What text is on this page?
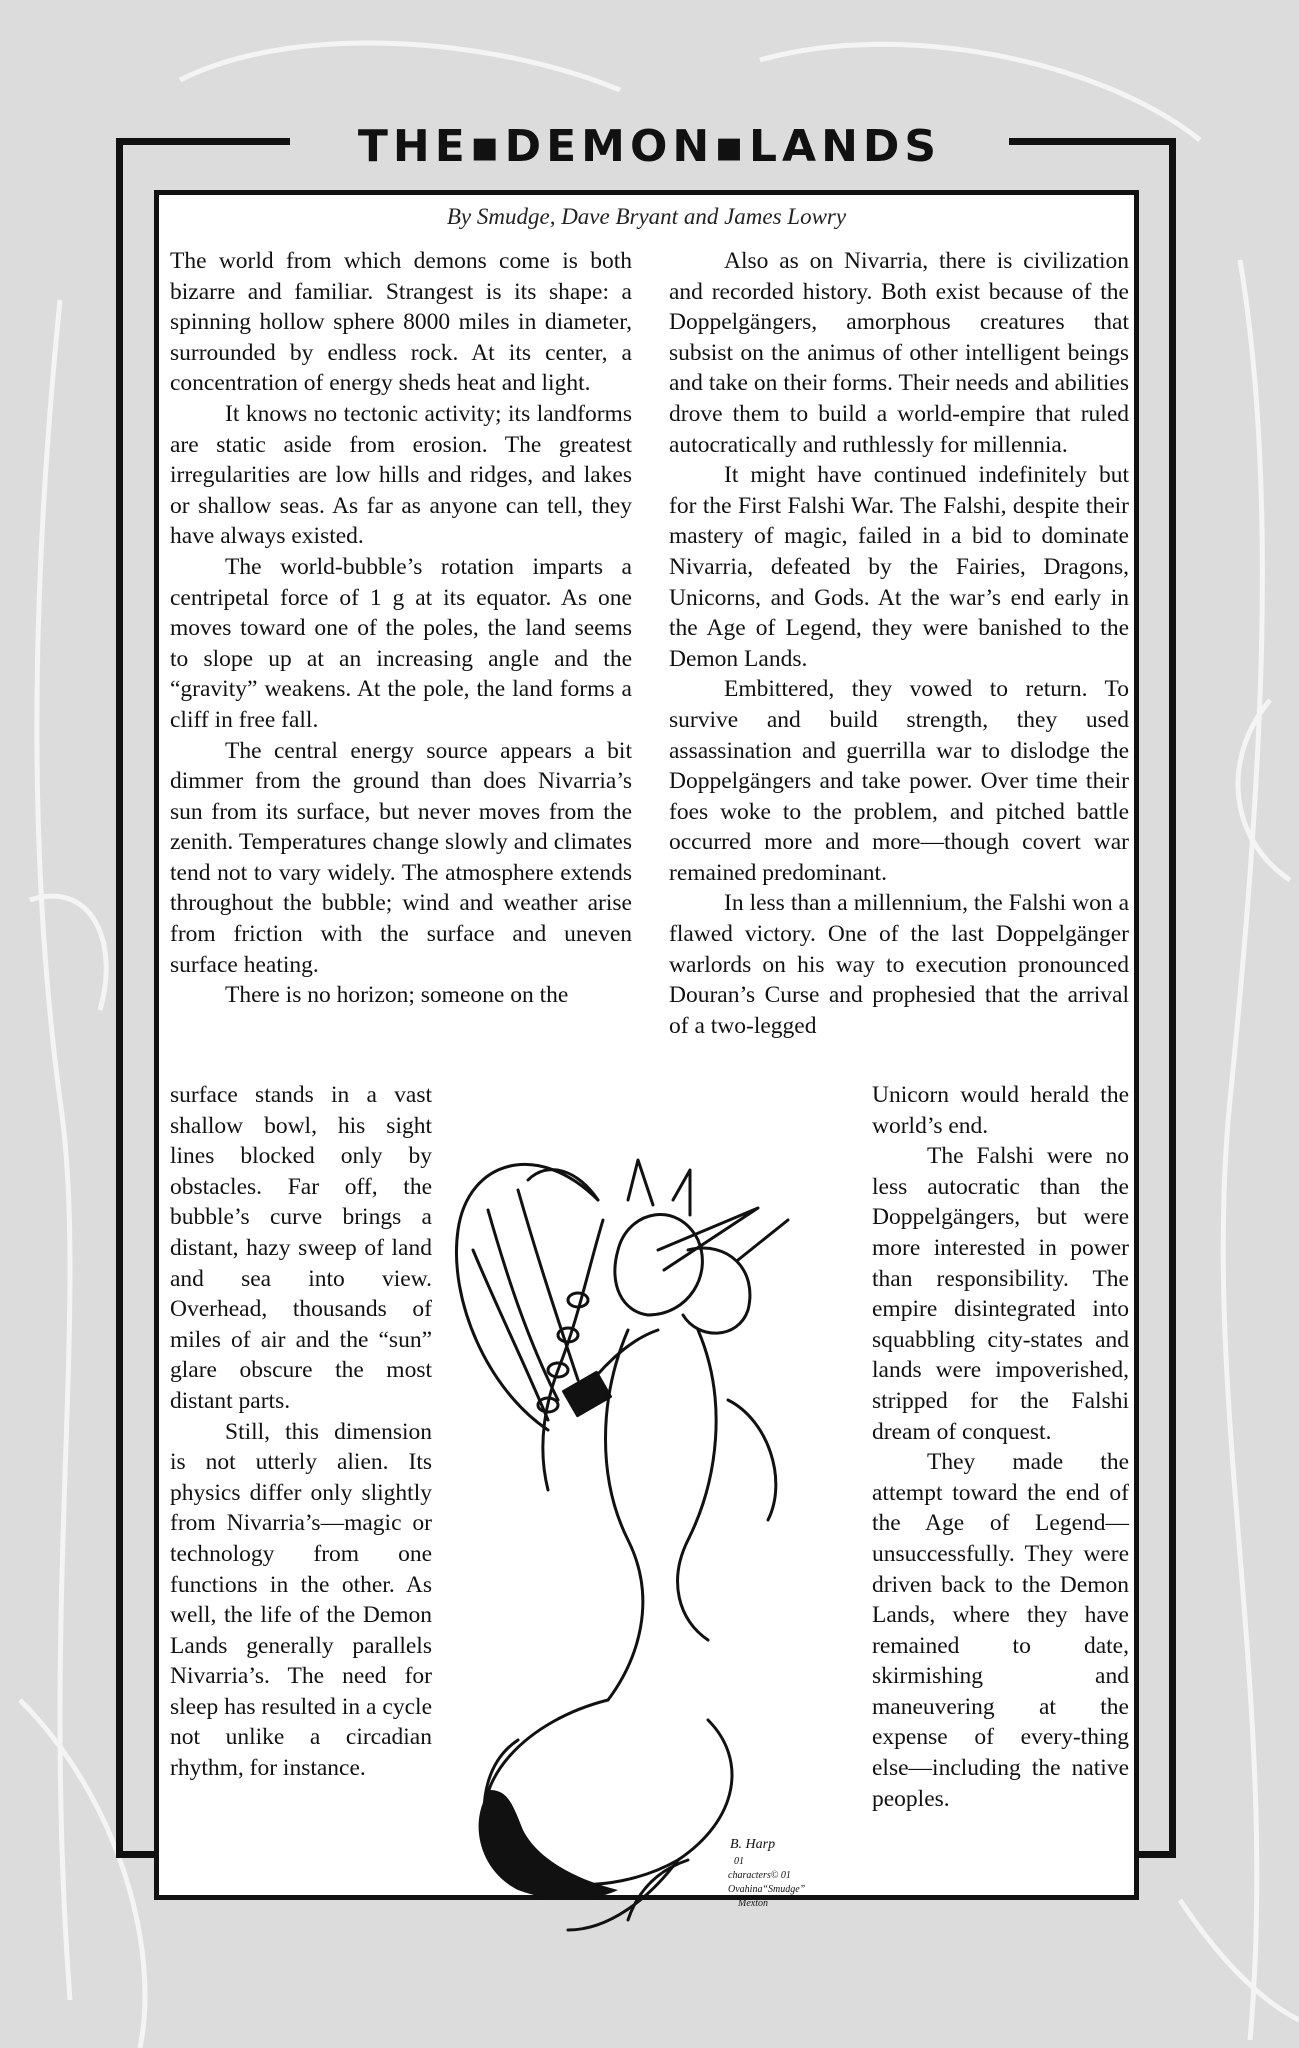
THE▪DEMON▪LANDS
By Smudge, Dave Bryant and James Lowry

The world from which demons come is both bizarre and familiar. Strangest is its shape: a spinning hollow sphere 8000 miles in diameter, surrounded by endless rock. At its center, a concentration of energy sheds heat and light.

It knows no tectonic activity; its landforms are static aside from erosion. The greatest irregularities are low hills and ridges, and lakes or shallow seas. As far as anyone can tell, they have always existed.

The world-bubble’s rotation imparts a centripetal force of 1 g at its equator. As one moves toward one of the poles, the land seems to slope up at an increasing angle and the “gravity” weakens. At the pole, the land forms a cliff in free fall.

The central energy source appears a bit dimmer from the ground than does Nivarria’s sun from its surface, but never moves from the zenith. Temperatures change slowly and climates tend not to vary widely. The atmosphere extends throughout the bubble; wind and weather arise from friction with the surface and uneven surface heating.

There is no horizon; someone on the

surface stands in a vast shallow bowl, his sight lines blocked only by obstacles. Far off, the bubble’s curve brings a distant, hazy sweep of land and sea into view. Overhead, thousands of miles of air and the “sun” glare obscure the most distant parts.

Still, this dimension is not utterly alien. Its physics differ only slightly from Nivarria’s—magic or technology from one functions in the other. As well, the life of the Demon Lands generally parallels Nivarria’s. The need for sleep has resulted in a cycle not unlike a circadian rhythm, for instance.

Also as on Nivarria, there is civilization and recorded history. Both exist because of the Doppelgängers, amorphous creatures that subsist on the animus of other intelligent beings and take on their forms. Their needs and abilities drove them to build a world-empire that ruled autocratically and ruthlessly for millennia.

It might have continued indefinitely but for the First Falshi War. The Falshi, despite their mastery of magic, failed in a bid to dominate Nivarria, defeated by the Fairies, Dragons, Unicorns, and Gods. At the war’s end early in the Age of Legend, they were banished to the Demon Lands.

Embittered, they vowed to return. To survive and build strength, they used assassination and guerrilla war to dislodge the Doppelgängers and take power. Over time their foes woke to the problem, and pitched battle occurred more and more—though covert war remained predominant.

In less than a millennium, the Falshi won a flawed victory. One of the last Doppelgänger warlords on his way to execution pronounced Douran’s Curse and prophesied that the arrival of a two-legged

Unicorn would herald the world’s end.

The Falshi were no less autocratic than the Doppelgängers, but were more interested in power than responsibility. The empire disintegrated into squabbling city-states and lands were impoverished, stripped for the Falshi dream of conquest.

They made the attempt toward the end of the Age of Legend—unsuccessfully. They were driven back to the Demon Lands, where they have remained to date, skirmishing and maneuvering at the expense of every-thing else—including the native peoples.

B. Harp
01
characters© 01
Ovahina“Smudge”
Mexton
